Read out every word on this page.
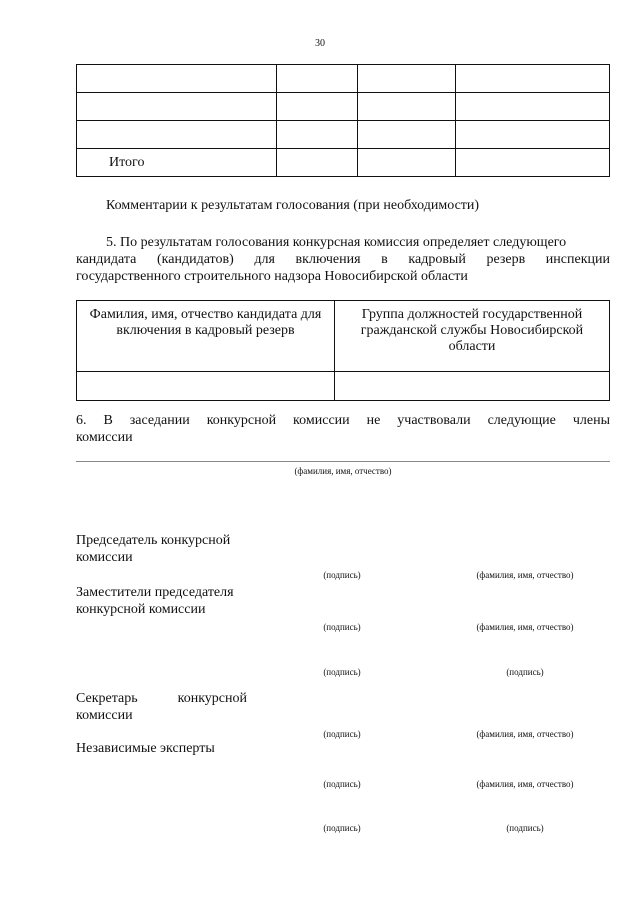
30

Итого			
Комментарии к результатам голосования (при необходимости)
5. По результатам голосования конкурсная комиссия определяет следующего
кандидата (кандидатов) для включения в кадровый резерв инспекции
государственного строительного надзора Новосибирской области
Фамилия, имя, отчество кандидата для включения в кадровый резерв	Группа должностей государственной гражданской службы Новосибирской области

6. В заседании конкурсной комиссии не участвовали следующие члены
комиссии
(фамилия, имя, отчество)
Председатель конкурсной комиссии
(подпись)	(фамилия, имя, отчество)
Заместители председателя конкурсной комиссии
(подпись)	(фамилия, имя, отчество)
(подпись)	(подпись)
Секретарь конкурсной комиссии
(подпись)	(фамилия, имя, отчество)
Независимые эксперты
(подпись)	(фамилия, имя, отчество)
(подпись)	(подпись)
